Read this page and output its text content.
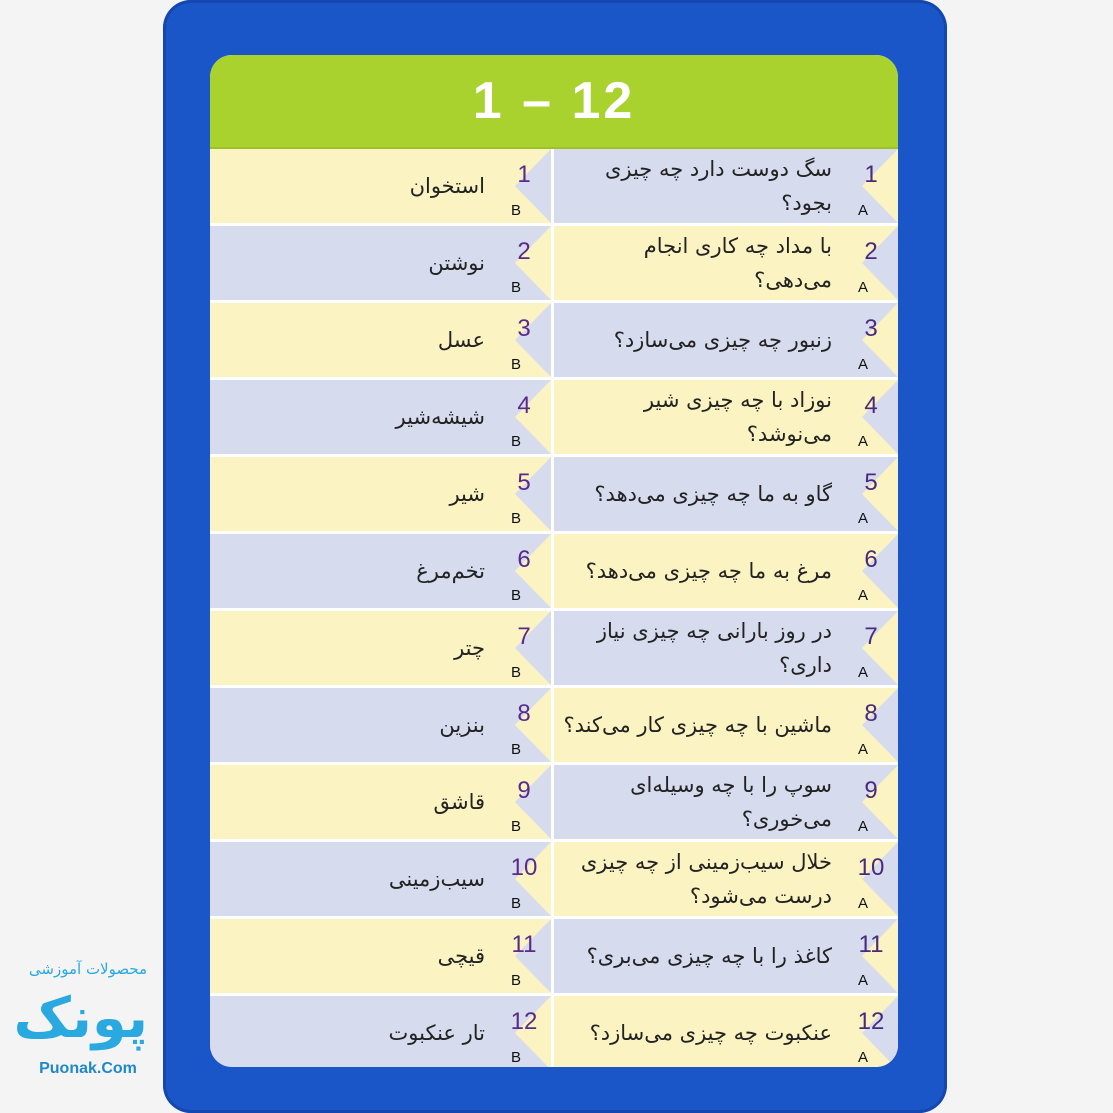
1 – 12
1
B
استخوان	1
A
سگ دوست دارد چه چیزی بجود؟
2
B
نوشتن	2
A
با مداد چه کاری انجام می‌دهی؟
3
B
عسل	3
A
زنبور چه چیزی می‌سازد؟
4
B
شیشه‌شیر	4
A
نوزاد با چه چیزی شیر می‌نوشد؟
5
B
شیر	5
A
گاو به ما چه چیزی می‌دهد؟
6
B
تخم‌مرغ	6
A
مرغ به ما چه چیزی می‌دهد؟
7
B
چتر	7
A
در روز بارانی چه چیزی نیاز داری؟
8
B
بنزین	8
A
ماشین با چه چیزی کار می‌کند؟
9
B
قاشق	9
A
سوپ را با چه وسیله‌ای می‌خوری؟
10
B
سیب‌زمینی	10
A
خلال سیب‌زمینی از چه چیزی درست می‌شود؟
11
B
قیچی	11
A
کاغذ را با چه چیزی می‌بری؟
12
B
تار عنکبوت	12
A
عنکبوت چه چیزی می‌سازد؟
محصولات آموزشی
پونک
Puonak.Com
